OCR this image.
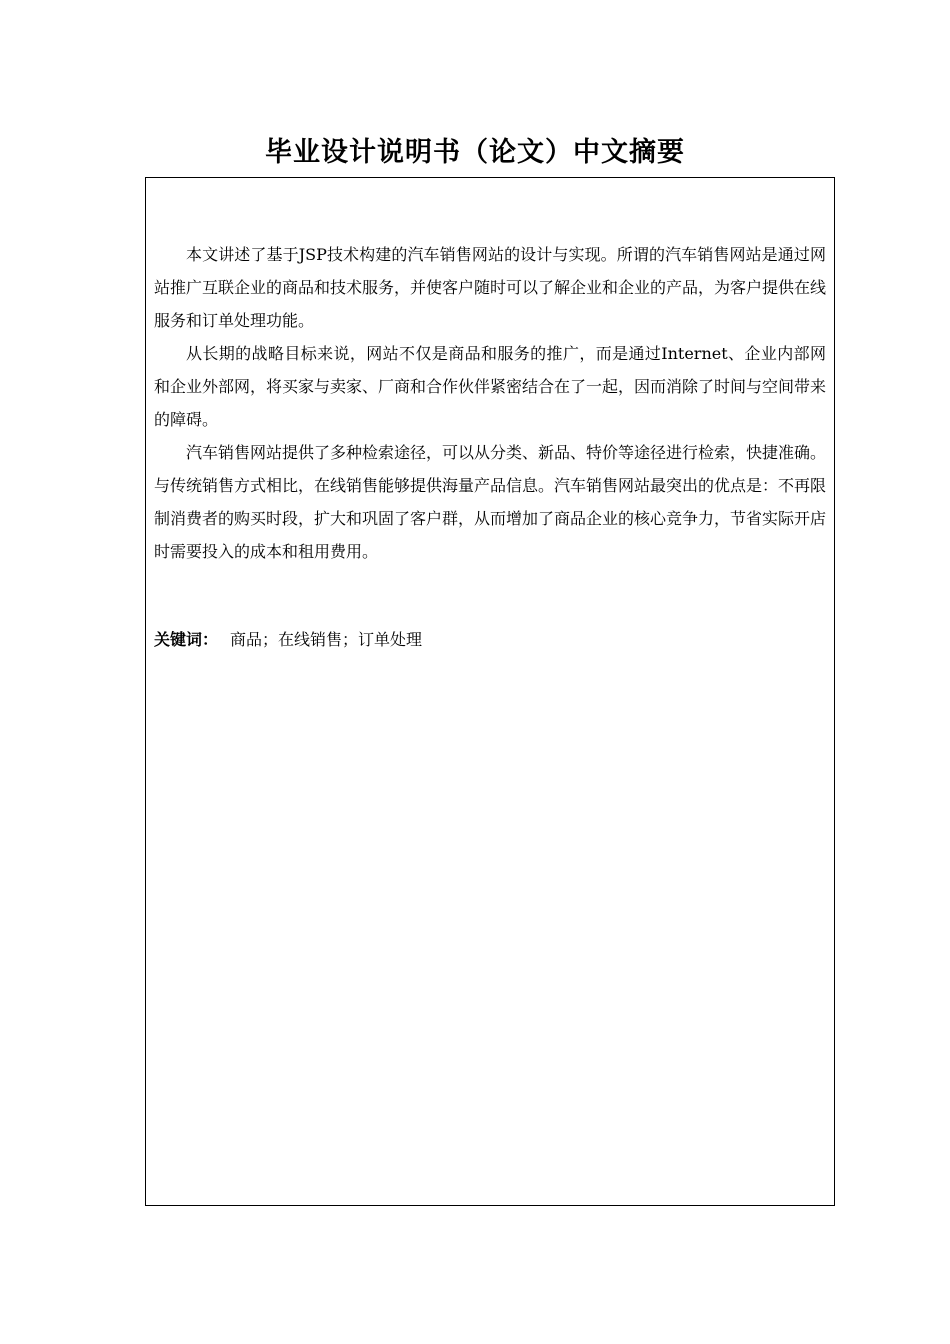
毕业设计说明书（论文）中文摘要

本文讲述了基于JSP技术构建的汽车销售网站的设计与实现。所谓的汽车销售网站是通过网站推广互联企业的商品和技术服务，并使客户随时可以了解企业和企业的产品，为客户提供在线服务和订单处理功能。

从长期的战略目标来说，网站不仅是商品和服务的推广，而是通过Internet、企业内部网和企业外部网，将买家与卖家、厂商和合作伙伴紧密结合在了一起，因而消除了时间与空间带来的障碍。

汽车销售网站提供了多种检索途径，可以从分类、新品、特价等途径进行检索，快捷准确。与传统销售方式相比，在线销售能够提供海量产品信息。汽车销售网站最突出的优点是：不再限制消费者的购买时段，扩大和巩固了客户群，从而增加了商品企业的核心竞争力，节省实际开店时需要投入的成本和租用费用。

关键词： 商品；在线销售；订单处理
